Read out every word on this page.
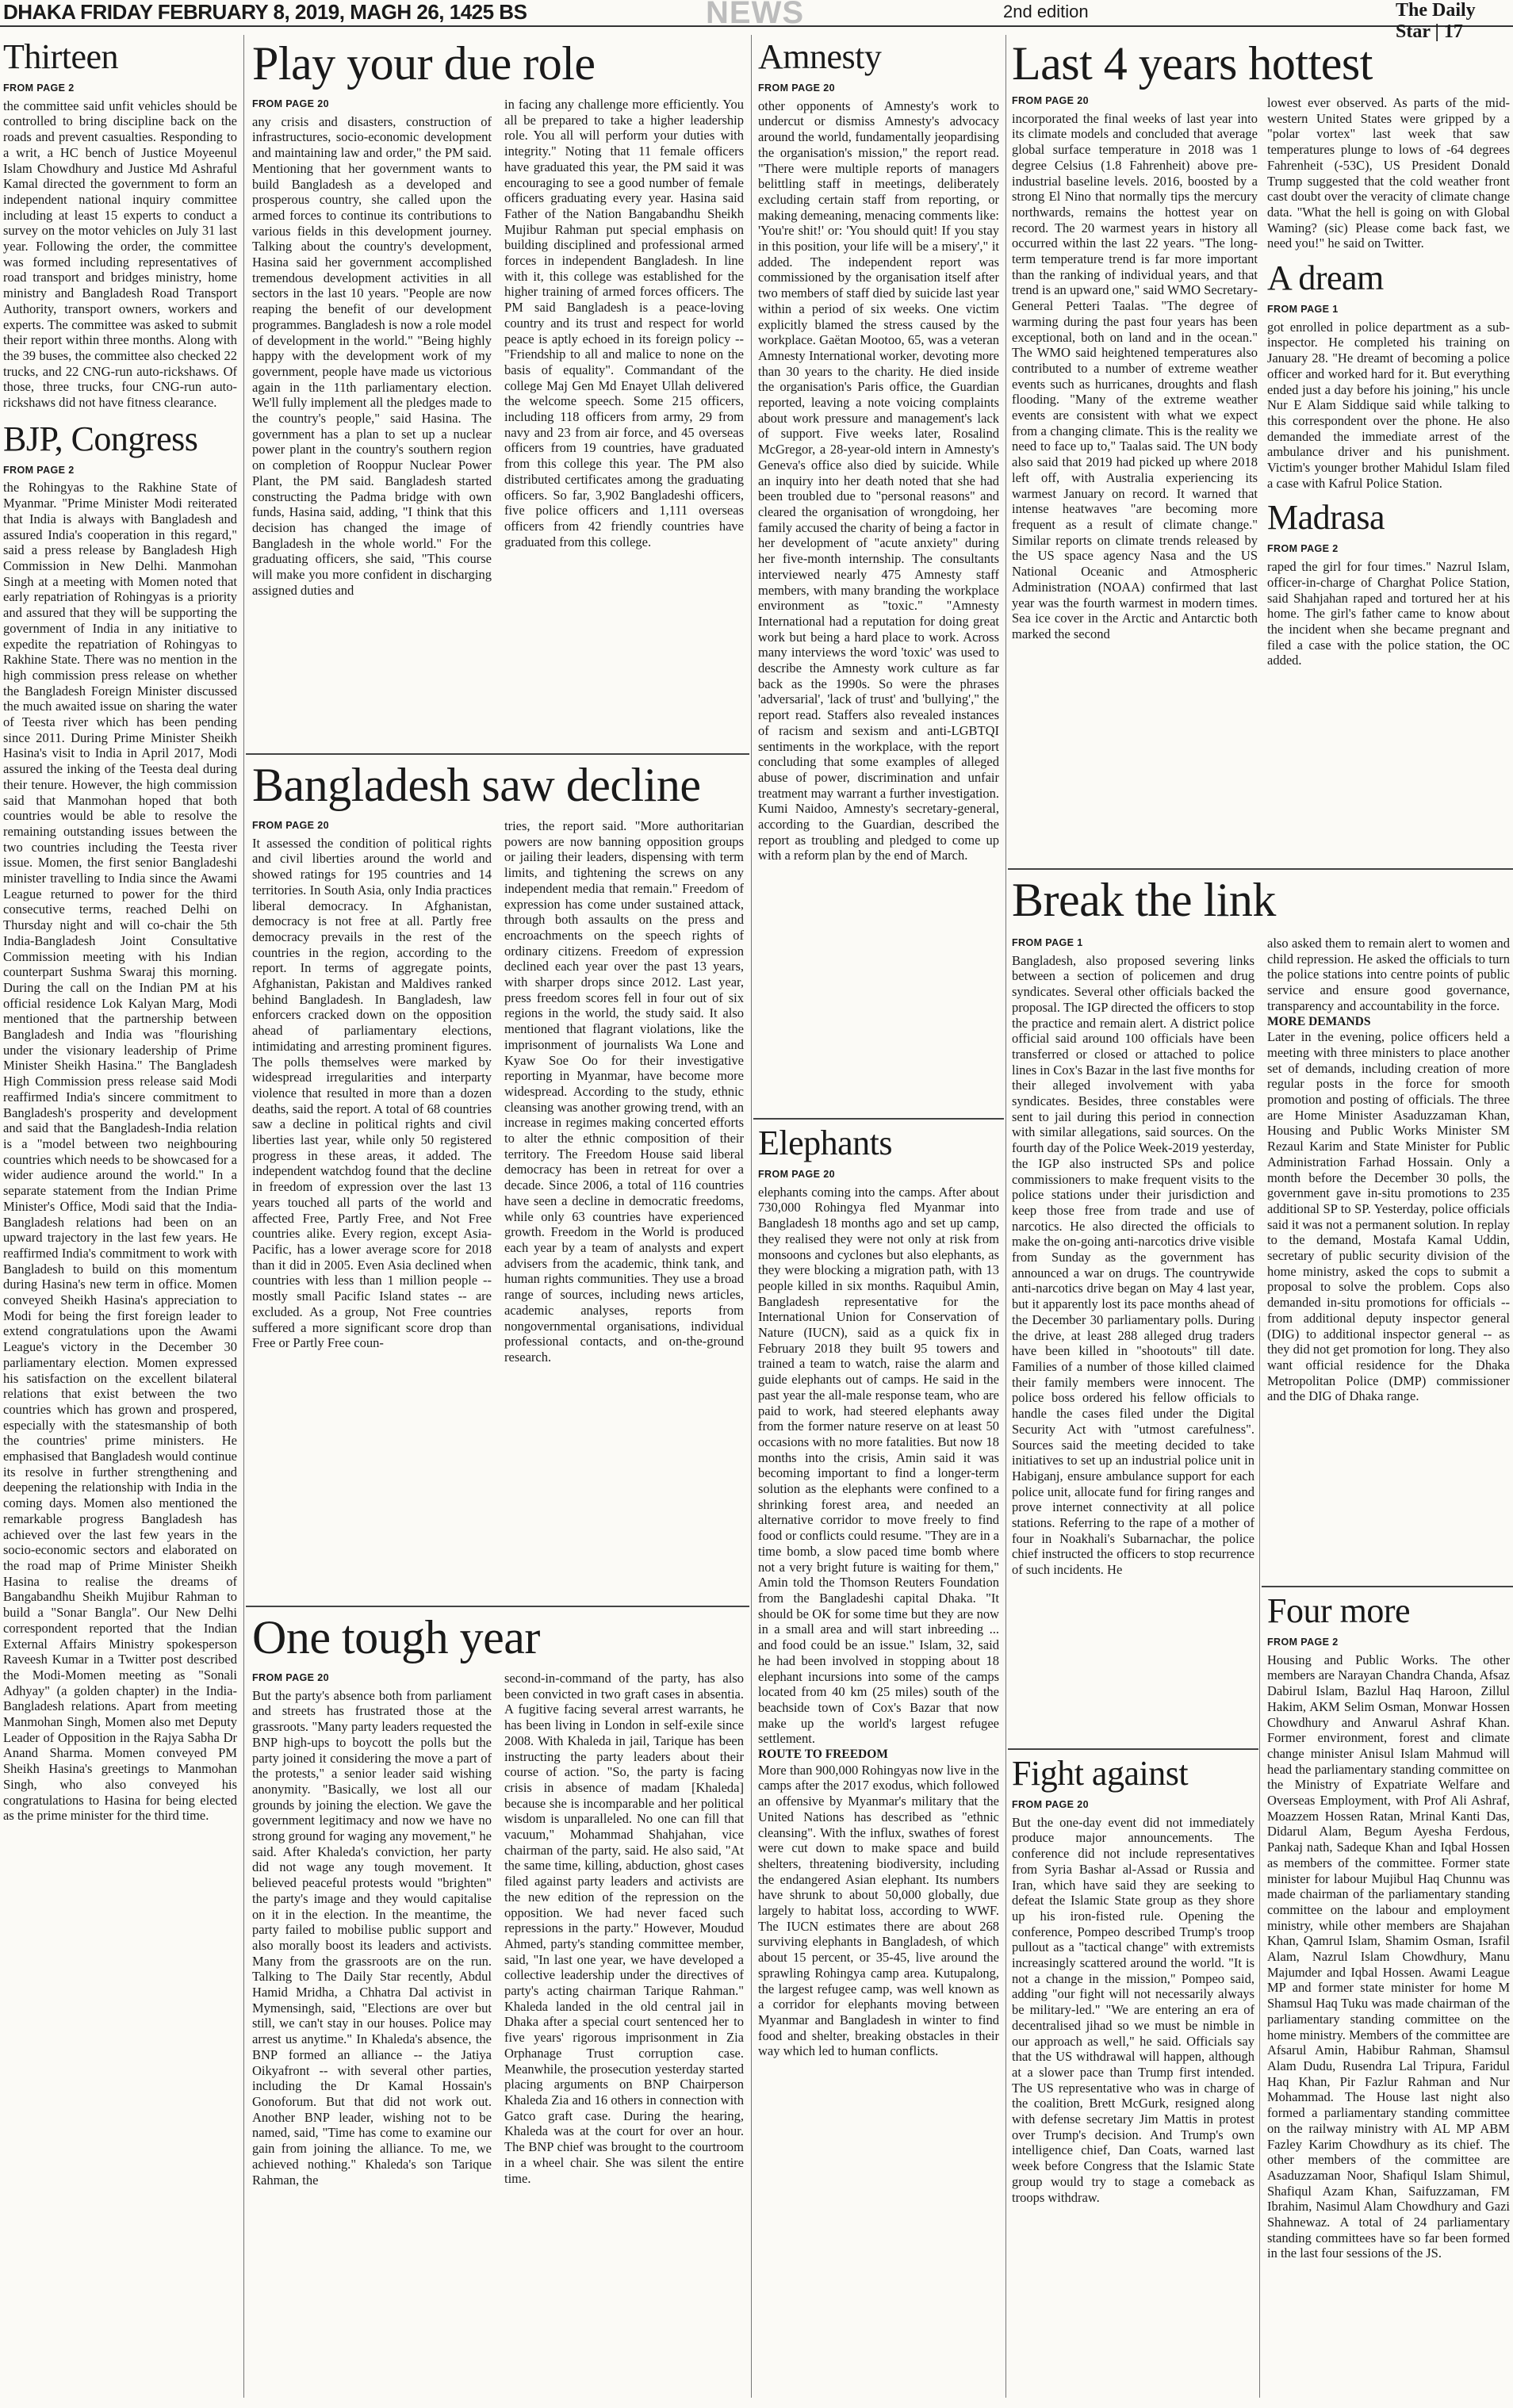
DHAKA FRIDAY FEBRUARY 8, 2019, MAGH 26, 1425 BS	NEWS	2nd edition	The Daily Star | 17
Thirteen
FROM PAGE 2

the committee said unfit vehicles should be controlled to bring discipline back on the roads and prevent casualties. Responding to a writ, a HC bench of Justice Moyeenul Islam Chowdhury and Justice Md Ashraful Kamal directed the government to form an independent national inquiry committee including at least 15 experts to conduct a survey on the motor vehicles on July 31 last year. Following the order, the committee was formed including representatives of road transport and bridges ministry, home ministry and Bangladesh Road Transport Authority, transport owners, workers and experts. The committee was asked to submit their report within three months. Along with the 39 buses, the committee also checked 22 trucks, and 22 CNG-run auto-rickshaws. Of those, three trucks, four CNG-run auto-rickshaws did not have fitness clearance.

BJP, Congress
FROM PAGE 2

the Rohingyas to the Rakhine State of Myanmar. "Prime Minister Modi reiterated that India is always with Bangladesh and assured India's cooperation in this regard," said a press release by Bangladesh High Commission in New Delhi. Manmohan Singh at a meeting with Momen noted that early repatriation of Rohingyas is a priority and assured that they will be supporting the government of India in any initiative to expedite the repatriation of Rohingyas to Rakhine State. There was no mention in the high commission press release on whether the Bangladesh Foreign Minister discussed the much awaited issue on sharing the water of Teesta river which has been pending since 2011. During Prime Minister Sheikh Hasina's visit to India in April 2017, Modi assured the inking of the Teesta deal during their tenure. However, the high commission said that Manmohan hoped that both countries would be able to resolve the remaining outstanding issues between the two countries including the Teesta river issue. Momen, the first senior Bangladeshi minister travelling to India since the Awami League returned to power for the third consecutive terms, reached Delhi on Thursday night and will co-chair the 5th India-Bangladesh Joint Consultative Commission meeting with his Indian counterpart Sushma Swaraj this morning. During the call on the Indian PM at his official residence Lok Kalyan Marg, Modi mentioned that the partnership between Bangladesh and India was "flourishing under the visionary leadership of Prime Minister Sheikh Hasina." The Bangladesh High Commission press release said Modi reaffirmed India's sincere commitment to Bangladesh's prosperity and development and said that the Bangladesh-India relation is a "model between two neighbouring countries which needs to be showcased for a wider audience around the world." In a separate statement from the Indian Prime Minister's Office, Modi said that the India-Bangladesh relations had been on an upward trajectory in the last few years. He reaffirmed India's commitment to work with Bangladesh to build on this momentum during Hasina's new term in office. Momen conveyed Sheikh Hasina's appreciation to Modi for being the first foreign leader to extend congratulations upon the Awami League's victory in the December 30 parliamentary election. Momen expressed his satisfaction on the excellent bilateral relations that exist between the two countries which has grown and prospered, especially with the statesmanship of both the countries' prime ministers. He emphasised that Bangladesh would continue its resolve in further strengthening and deepening the relationship with India in the coming days. Momen also mentioned the remarkable progress Bangladesh has achieved over the last few years in the socio-economic sectors and elaborated on the road map of Prime Minister Sheikh Hasina to realise the dreams of Bangabandhu Sheikh Mujibur Rahman to build a "Sonar Bangla". Our New Delhi correspondent reported that the Indian External Affairs Ministry spokesperson Raveesh Kumar in a Twitter post described the Modi-Momen meeting as "Sonali Adhyay" (a golden chapter) in the India-Bangladesh relations. Apart from meeting Manmohan Singh, Momen also met Deputy Leader of Opposition in the Rajya Sabha Dr Anand Sharma. Momen conveyed PM Sheikh Hasina's greetings to Manmohan Singh, who also conveyed his congratulations to Hasina for being elected as the prime minister for the third time.

Play your due role
FROM PAGE 20

any crisis and disasters, construction of infrastructures, socio-economic development and maintaining law and order," the PM said. Mentioning that her government wants to build Bangladesh as a developed and prosperous country, she called upon the armed forces to continue its contributions to various fields in this development journey. Talking about the country's development, Hasina said her government accomplished tremendous development activities in all sectors in the last 10 years. "People are now reaping the benefit of our development programmes. Bangladesh is now a role model of development in the world." "Being highly happy with the development work of my government, people have made us victorious again in the 11th parliamentary election. We'll fully implement all the pledges made to the country's people," said Hasina. The government has a plan to set up a nuclear power plant in the country's southern region on completion of Rooppur Nuclear Power Plant, the PM said. Bangladesh started constructing the Padma bridge with own funds, Hasina said, adding, "I think that this decision has changed the image of Bangladesh in the whole world." For the graduating officers, she said, "This course will make you more confident in discharging assigned duties and

in facing any challenge more efficiently. You all be prepared to take a higher leadership role. You all will perform your duties with integrity." Noting that 11 female officers have graduated this year, the PM said it was encouraging to see a good number of female officers graduating every year. Hasina said Father of the Nation Bangabandhu Sheikh Mujibur Rahman put special emphasis on building disciplined and professional armed forces in independent Bangladesh. In line with it, this college was established for the higher training of armed forces officers. The PM said Bangladesh is a peace-loving country and its trust and respect for world peace is aptly echoed in its foreign policy -- "Friendship to all and malice to none on the basis of equality". Commandant of the college Maj Gen Md Enayet Ullah delivered the welcome speech. Some 215 officers, including 118 officers from army, 29 from navy and 23 from air force, and 45 overseas officers from 19 countries, have graduated from this college this year. The PM also distributed certificates among the graduating officers. So far, 3,902 Bangladeshi officers, five police officers and 1,111 overseas officers from 42 friendly countries have graduated from this college.

Bangladesh saw decline
FROM PAGE 20

It assessed the condition of political rights and civil liberties around the world and showed ratings for 195 countries and 14 territories. In South Asia, only India practices liberal democracy. In Afghanistan, democracy is not free at all. Partly free democracy prevails in the rest of the countries in the region, according to the report. In terms of aggregate points, Afghanistan, Pakistan and Maldives ranked behind Bangladesh. In Bangladesh, law enforcers cracked down on the opposition ahead of parliamentary elections, intimidating and arresting prominent figures. The polls themselves were marked by widespread irregularities and interparty violence that resulted in more than a dozen deaths, said the report. A total of 68 countries saw a decline in political rights and civil liberties last year, while only 50 registered progress in these areas, it added. The independent watchdog found that the decline in freedom of expression over the last 13 years touched all parts of the world and affected Free, Partly Free, and Not Free countries alike. Every region, except Asia-Pacific, has a lower average score for 2018 than it did in 2005. Even Asia declined when countries with less than 1 million people -- mostly small Pacific Island states -- are excluded. As a group, Not Free countries suffered a more significant score drop than Free or Partly Free coun-

tries, the report said. "More authoritarian powers are now banning opposition groups or jailing their leaders, dispensing with term limits, and tightening the screws on any independent media that remain." Freedom of expression has come under sustained attack, through both assaults on the press and encroachments on the speech rights of ordinary citizens. Freedom of expression declined each year over the past 13 years, with sharper drops since 2012. Last year, press freedom scores fell in four out of six regions in the world, the study said. It also mentioned that flagrant violations, like the imprisonment of journalists Wa Lone and Kyaw Soe Oo for their investigative reporting in Myanmar, have become more widespread. According to the study, ethnic cleansing was another growing trend, with an increase in regimes making concerted efforts to alter the ethnic composition of their territory. The Freedom House said liberal democracy has been in retreat for over a decade. Since 2006, a total of 116 countries have seen a decline in democratic freedoms, while only 63 countries have experienced growth. Freedom in the World is produced each year by a team of analysts and expert advisers from the academic, think tank, and human rights communities. They use a broad range of sources, including news articles, academic analyses, reports from nongovernmental organisations, individual professional contacts, and on-the-ground research.

One tough year
FROM PAGE 20

But the party's absence both from parliament and streets has frustrated those at the grassroots. "Many party leaders requested the BNP high-ups to boycott the polls but the party joined it considering the move a part of the protests," a senior leader said wishing anonymity. "Basically, we lost all our grounds by joining the election. We gave the government legitimacy and now we have no strong ground for waging any movement," he said. After Khaleda's conviction, her party did not wage any tough movement. It believed peaceful protests would "brighten" the party's image and they would capitalise on it in the election. In the meantime, the party failed to mobilise public support and also morally boost its leaders and activists. Many from the grassroots are on the run. Talking to The Daily Star recently, Abdul Hamid Mridha, a Chhatra Dal activist in Mymensingh, said, "Elections are over but still, we can't stay in our houses. Police may arrest us anytime." In Khaleda's absence, the BNP formed an alliance -- the Jatiya Oikyafront -- with several other parties, including the Dr Kamal Hossain's Gonoforum. But that did not work out. Another BNP leader, wishing not to be named, said, "Time has come to examine our gain from joining the alliance. To me, we achieved nothing." Khaleda's son Tarique Rahman, the

second-in-command of the party, has also been convicted in two graft cases in absentia. A fugitive facing several arrest warrants, he has been living in London in self-exile since 2008. With Khaleda in jail, Tarique has been instructing the party leaders about their course of action. "So, the party is facing crisis in absence of madam [Khaleda] because she is incomparable and her political wisdom is unparalleled. No one can fill that vacuum," Mohammad Shahjahan, vice chairman of the party, said. He also said, "At the same time, killing, abduction, ghost cases filed against party leaders and activists are the new edition of the repression on the opposition. We had never faced such repressions in the party." However, Moudud Ahmed, party's standing committee member, said, "In last one year, we have developed a collective leadership under the directives of party's acting chairman Tarique Rahman." Khaleda landed in the old central jail in Dhaka after a special court sentenced her to five years' rigorous imprisonment in Zia Orphanage Trust corruption case. Meanwhile, the prosecution yesterday started placing arguments on BNP Chairperson Khaleda Zia and 16 others in connection with Gatco graft case. During the hearing, Khaleda was at the court for over an hour. The BNP chief was brought to the courtroom in a wheel chair. She was silent the entire time.

Amnesty
FROM PAGE 20

other opponents of Amnesty's work to undercut or dismiss Amnesty's advocacy around the world, fundamentally jeopardising the organisation's mission," the report read. "There were multiple reports of managers belittling staff in meetings, deliberately excluding certain staff from reporting, or making demeaning, menacing comments like: 'You're shit!' or: 'You should quit! If you stay in this position, your life will be a misery'," it added. The independent report was commissioned by the organisation itself after two members of staff died by suicide last year within a period of six weeks. One victim explicitly blamed the stress caused by the workplace. Gaëtan Mootoo, 65, was a veteran Amnesty International worker, devoting more than 30 years to the charity. He died inside the organisation's Paris office, the Guardian reported, leaving a note voicing complaints about work pressure and management's lack of support. Five weeks later, Rosalind McGregor, a 28-year-old intern in Amnesty's Geneva's office also died by suicide. While an inquiry into her death noted that she had been troubled due to "personal reasons" and cleared the organisation of wrongdoing, her family accused the charity of being a factor in her development of "acute anxiety" during her five-month internship. The consultants interviewed nearly 475 Amnesty staff members, with many branding the workplace environment as "toxic." "Amnesty International had a reputation for doing great work but being a hard place to work. Across many interviews the word 'toxic' was used to describe the Amnesty work culture as far back as the 1990s. So were the phrases 'adversarial', 'lack of trust' and 'bullying'," the report read. Staffers also revealed instances of racism and sexism and anti-LGBTQI sentiments in the workplace, with the report concluding that some examples of alleged abuse of power, discrimination and unfair treatment may warrant a further investigation. Kumi Naidoo, Amnesty's secretary-general, according to the Guardian, described the report as troubling and pledged to come up with a reform plan by the end of March.

Elephants
FROM PAGE 20

elephants coming into the camps. After about 730,000 Rohingya fled Myanmar into Bangladesh 18 months ago and set up camp, they realised they were not only at risk from monsoons and cyclones but also elephants, as they were blocking a migration path, with 13 people killed in six months. Raquibul Amin, Bangladesh representative for the International Union for Conservation of Nature (IUCN), said as a quick fix in February 2018 they built 95 towers and trained a team to watch, raise the alarm and guide elephants out of camps. He said in the past year the all-male response team, who are paid to work, had steered elephants away from the former nature reserve on at least 50 occasions with no more fatalities. But now 18 months into the crisis, Amin said it was becoming important to find a longer-term solution as the elephants were confined to a shrinking forest area, and needed an alternative corridor to move freely to find food or conflicts could resume. "They are in a time bomb, a slow paced time bomb where not a very bright future is waiting for them," Amin told the Thomson Reuters Foundation from the Bangladeshi capital Dhaka. "It should be OK for some time but they are now in a small area and will start inbreeding ... and food could be an issue." Islam, 32, said he had been involved in stopping about 18 elephant incursions into some of the camps located from 40 km (25 miles) south of the beachside town of Cox's Bazar that now make up the world's largest refugee settlement.

ROUTE TO FREEDOM

More than 900,000 Rohingyas now live in the camps after the 2017 exodus, which followed an offensive by Myanmar's military that the United Nations has described as "ethnic cleansing". With the influx, swathes of forest were cut down to make space and build shelters, threatening biodiversity, including the endangered Asian elephant. Its numbers have shrunk to about 50,000 globally, due largely to habitat loss, according to WWF. The IUCN estimates there are about 268 surviving elephants in Bangladesh, of which about 15 percent, or 35-45, live around the sprawling Rohingya camp area. Kutupalong, the largest refugee camp, was well known as a corridor for elephants moving between Myanmar and Bangladesh in winter to find food and shelter, breaking obstacles in their way which led to human conflicts.

Last 4 years hottest
FROM PAGE 20

incorporated the final weeks of last year into its climate models and concluded that average global surface temperature in 2018 was 1 degree Celsius (1.8 Fahrenheit) above pre-industrial baseline levels. 2016, boosted by a strong El Nino that normally tips the mercury northwards, remains the hottest year on record. The 20 warmest years in history all occurred within the last 22 years. "The long-term temperature trend is far more important than the ranking of individual years, and that trend is an upward one," said WMO Secretary-General Petteri Taalas. "The degree of warming during the past four years has been exceptional, both on land and in the ocean." The WMO said heightened temperatures also contributed to a number of extreme weather events such as hurricanes, droughts and flash flooding. "Many of the extreme weather events are consistent with what we expect from a changing climate. This is the reality we need to face up to," Taalas said. The UN body also said that 2019 had picked up where 2018 left off, with Australia experiencing its warmest January on record. It warned that intense heatwaves "are becoming more frequent as a result of climate change." Similar reports on climate trends released by the US space agency Nasa and the US National Oceanic and Atmospheric Administration (NOAA) confirmed that last year was the fourth warmest in modern times. Sea ice cover in the Arctic and Antarctic both marked the second

lowest ever observed. As parts of the mid-western United States were gripped by a "polar vortex" last week that saw temperatures plunge to lows of -64 degrees Fahrenheit (-53C), US President Donald Trump suggested that the cold weather front cast doubt over the veracity of climate change data. "What the hell is going on with Global Waming? (sic) Please come back fast, we need you!" he said on Twitter.

A dream
FROM PAGE 1

got enrolled in police department as a sub-inspector. He completed his training on January 28. "He dreamt of becoming a police officer and worked hard for it. But everything ended just a day before his joining," his uncle Nur E Alam Siddique said while talking to this correspondent over the phone. He also demanded the immediate arrest of the ambulance driver and his punishment. Victim's younger brother Mahidul Islam filed a case with Kafrul Police Station.

Madrasa
FROM PAGE 2

raped the girl for four times." Nazrul Islam, officer-in-charge of Charghat Police Station, said Shahjahan raped and tortured her at his home. The girl's father came to know about the incident when she became pregnant and filed a case with the police station, the OC added.

Break the link
FROM PAGE 1

Bangladesh, also proposed severing links between a section of policemen and drug syndicates. Several other officials backed the proposal. The IGP directed the officers to stop the practice and remain alert. A district police official said around 100 officials have been transferred or closed or attached to police lines in Cox's Bazar in the last five months for their alleged involvement with yaba syndicates. Besides, three constables were sent to jail during this period in connection with similar allegations, said sources. On the fourth day of the Police Week-2019 yesterday, the IGP also instructed SPs and police commissioners to make frequent visits to the police stations under their jurisdiction and keep those free from trade and use of narcotics. He also directed the officials to make the on-going anti-narcotics drive visible from Sunday as the government has announced a war on drugs. The countrywide anti-narcotics drive began on May 4 last year, but it apparently lost its pace months ahead of the December 30 parliamentary polls. During the drive, at least 288 alleged drug traders have been killed in "shootouts" till date. Families of a number of those killed claimed their family members were innocent. The police boss ordered his fellow officials to handle the cases filed under the Digital Security Act with "utmost carefulness". Sources said the meeting decided to take initiatives to set up an industrial police unit in Habiganj, ensure ambulance support for each police unit, allocate fund for firing ranges and prove internet connectivity at all police stations. Referring to the rape of a mother of four in Noakhali's Subarnachar, the police chief instructed the officers to stop recurrence of such incidents. He

also asked them to remain alert to women and child repression. He asked the officials to turn the police stations into centre points of public service and ensure good governance, transparency and accountability in the force.

MORE DEMANDS

Later in the evening, police officers held a meeting with three ministers to place another set of demands, including creation of more regular posts in the force for smooth promotion and posting of officials. The three are Home Minister Asaduzzaman Khan, Housing and Public Works Minister SM Rezaul Karim and State Minister for Public Administration Farhad Hossain. Only a month before the December 30 polls, the government gave in-situ promotions to 235 additional SP to SP. Yesterday, police officials said it was not a permanent solution. In replay to the demand, Mostafa Kamal Uddin, secretary of public security division of the home ministry, asked the cops to submit a proposal to solve the problem. Cops also demanded in-situ promotions for officials -- from additional deputy inspector general (DIG) to additional inspector general -- as they did not get promotion for long. They also want official residence for the Dhaka Metropolitan Police (DMP) commissioner and the DIG of Dhaka range.

Fight against
FROM PAGE 20

But the one-day event did not immediately produce major announcements. The conference did not include representatives from Syria Bashar al-Assad or Russia and Iran, which have said they are seeking to defeat the Islamic State group as they shore up his iron-fisted rule. Opening the conference, Pompeo described Trump's troop pullout as a "tactical change" with extremists increasingly scattered around the world. "It is not a change in the mission," Pompeo said, adding "our fight will not necessarily always be military-led." "We are entering an era of decentralised jihad so we must be nimble in our approach as well," he said. Officials say that the US withdrawal will happen, although at a slower pace than Trump first intended. The US representative who was in charge of the coalition, Brett McGurk, resigned along with defense secretary Jim Mattis in protest over Trump's decision. And Trump's own intelligence chief, Dan Coats, warned last week before Congress that the Islamic State group would try to stage a comeback as troops withdraw.

Four more
FROM PAGE 2

Housing and Public Works. The other members are Narayan Chandra Chanda, Afsaz Dabirul Islam, Bazlul Haq Haroon, Zillul Hakim, AKM Selim Osman, Monwar Hossen Chowdhury and Anwarul Ashraf Khan. Former environment, forest and climate change minister Anisul Islam Mahmud will head the parliamentary standing committee on the Ministry of Expatriate Welfare and Overseas Employment, with Prof Ali Ashraf, Moazzem Hossen Ratan, Mrinal Kanti Das, Didarul Alam, Begum Ayesha Ferdous, Pankaj nath, Sadeque Khan and Iqbal Hossen as members of the committee. Former state minister for labour Mujibul Haq Chunnu was made chairman of the parliamentary standing committee on the labour and employment ministry, while other members are Shajahan Khan, Qamrul Islam, Shamim Osman, Israfil Alam, Nazrul Islam Chowdhury, Manu Majumder and Iqbal Hossen. Awami League MP and former state minister for home M Shamsul Haq Tuku was made chairman of the parliamentary standing committee on the home ministry. Members of the committee are Afsarul Amin, Habibur Rahman, Shamsul Alam Dudu, Rusendra Lal Tripura, Faridul Haq Khan, Pir Fazlur Rahman and Nur Mohammad. The House last night also formed a parliamentary standing committee on the railway ministry with AL MP ABM Fazley Karim Chowdhury as its chief. The other members of the committee are Asaduzzaman Noor, Shafiqul Islam Shimul, Shafiqul Azam Khan, Saifuzzaman, FM Ibrahim, Nasimul Alam Chowdhury and Gazi Shahnewaz. A total of 24 parliamentary standing committees have so far been formed in the last four sessions of the JS.
